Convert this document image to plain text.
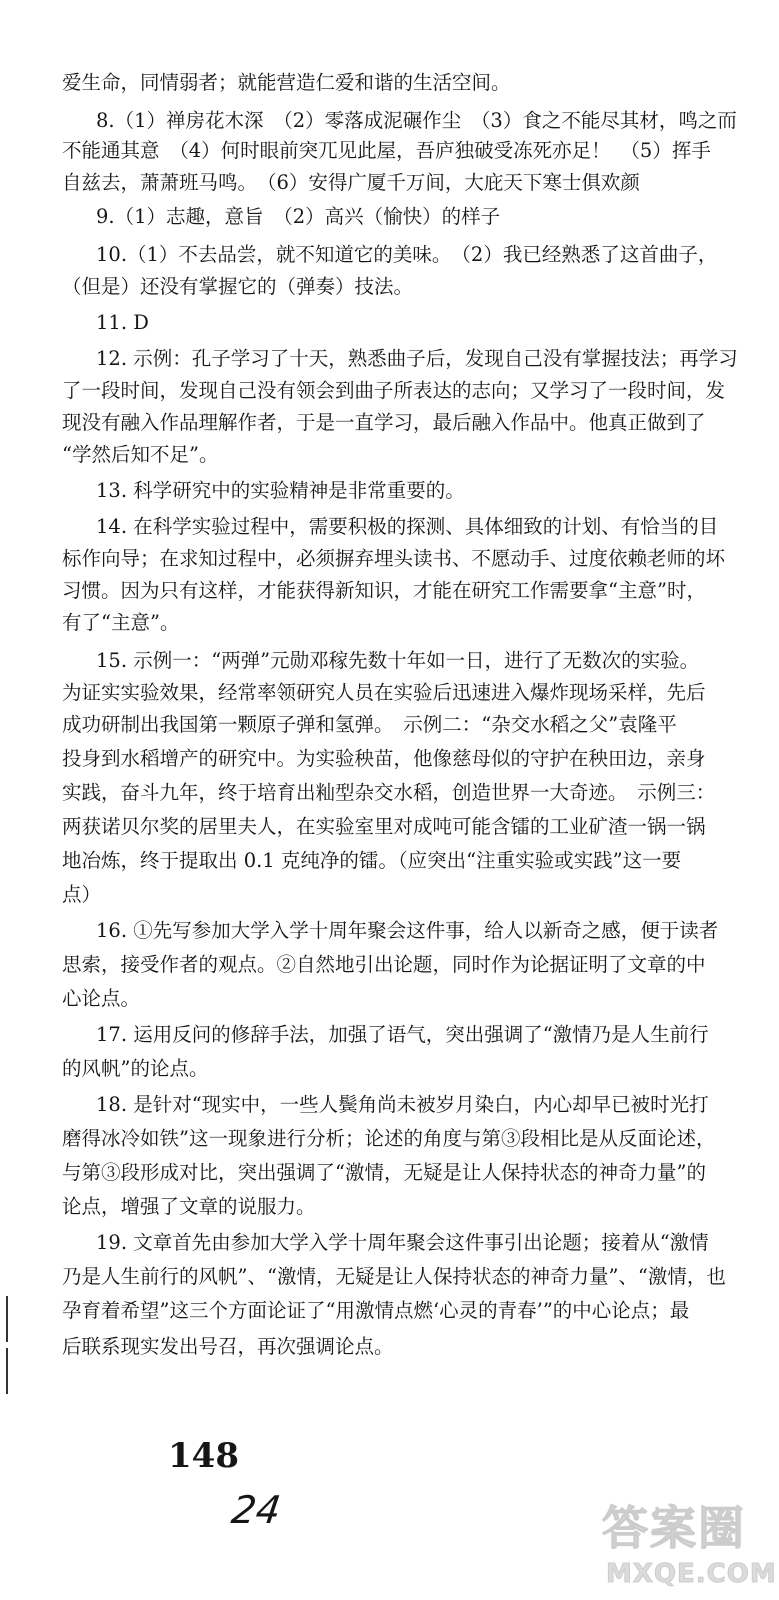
爱生命，同情弱者；就能营造仁爱和谐的生活空间。
8.（1）禅房花木深　（2）零落成泥碾作尘　（3）食之不能尽其材，鸣之而
不能通其意　（4）何时眼前突兀见此屋，吾庐独破受冻死亦足！　（5）挥手
自兹去，萧萧班马鸣。　（6）安得广厦千万间，大庇天下寒士俱欢颜
9.（1）志趣，意旨　（2）高兴（愉快）的样子
10.（1）不去品尝，就不知道它的美味。　（2）我已经熟悉了这首曲子，
（但是）还没有掌握它的（弹奏）技法。
11. D
12. 示例：孔子学习了十天，熟悉曲子后，发现自己没有掌握技法；再学习
了一段时间，发现自己没有领会到曲子所表达的志向；又学习了一段时间，发
现没有融入作品理解作者，于是一直学习，最后融入作品中。他真正做到了
“学然后知不足”。
13. 科学研究中的实验精神是非常重要的。
14. 在科学实验过程中，需要积极的探测、具体细致的计划、有恰当的目
标作向导；在求知过程中，必须摒弃埋头读书、不愿动手、过度依赖老师的坏
习惯。因为只有这样，才能获得新知识，才能在研究工作需要拿“主意”时，
有了“主意”。
15. 示例一：“两弹”元勋邓稼先数十年如一日，进行了无数次的实验。
为证实实验效果，经常率领研究人员在实验后迅速进入爆炸现场采样，先后
成功研制出我国第一颗原子弹和氢弹。　示例二：“杂交水稻之父”袁隆平
投身到水稻增产的研究中。为实验秧苗，他像慈母似的守护在秧田边，亲身
实践，奋斗九年，终于培育出籼型杂交水稻，创造世界一大奇迹。　示例三：
两获诺贝尔奖的居里夫人，在实验室里对成吨可能含镭的工业矿渣一锅一锅
地冶炼，终于提取出 0.1 克纯净的镭。（应突出“注重实验或实践”这一要
点）
16. ①先写参加大学入学十周年聚会这件事，给人以新奇之感，便于读者
思索，接受作者的观点。②自然地引出论题，同时作为论据证明了文章的中
心论点。
17. 运用反问的修辞手法，加强了语气，突出强调了“激情乃是人生前行
的风帆”的论点。
18. 是针对“现实中，一些人鬓角尚未被岁月染白，内心却早已被时光打
磨得冰冷如铁”这一现象进行分析；论述的角度与第③段相比是从反面论述，
与第③段形成对比，突出强调了“激情，无疑是让人保持状态的神奇力量”的
论点，增强了文章的说服力。
19. 文章首先由参加大学入学十周年聚会这件事引出论题；接着从“激情
乃是人生前行的风帆”、“激情，无疑是让人保持状态的神奇力量”、“激情，也
孕育着希望”这三个方面论证了“用激情点燃‘心灵的青春’”的中心论点；最
后联系现实发出号召，再次强调论点。
148
24	答案圈
MXQE.COM
